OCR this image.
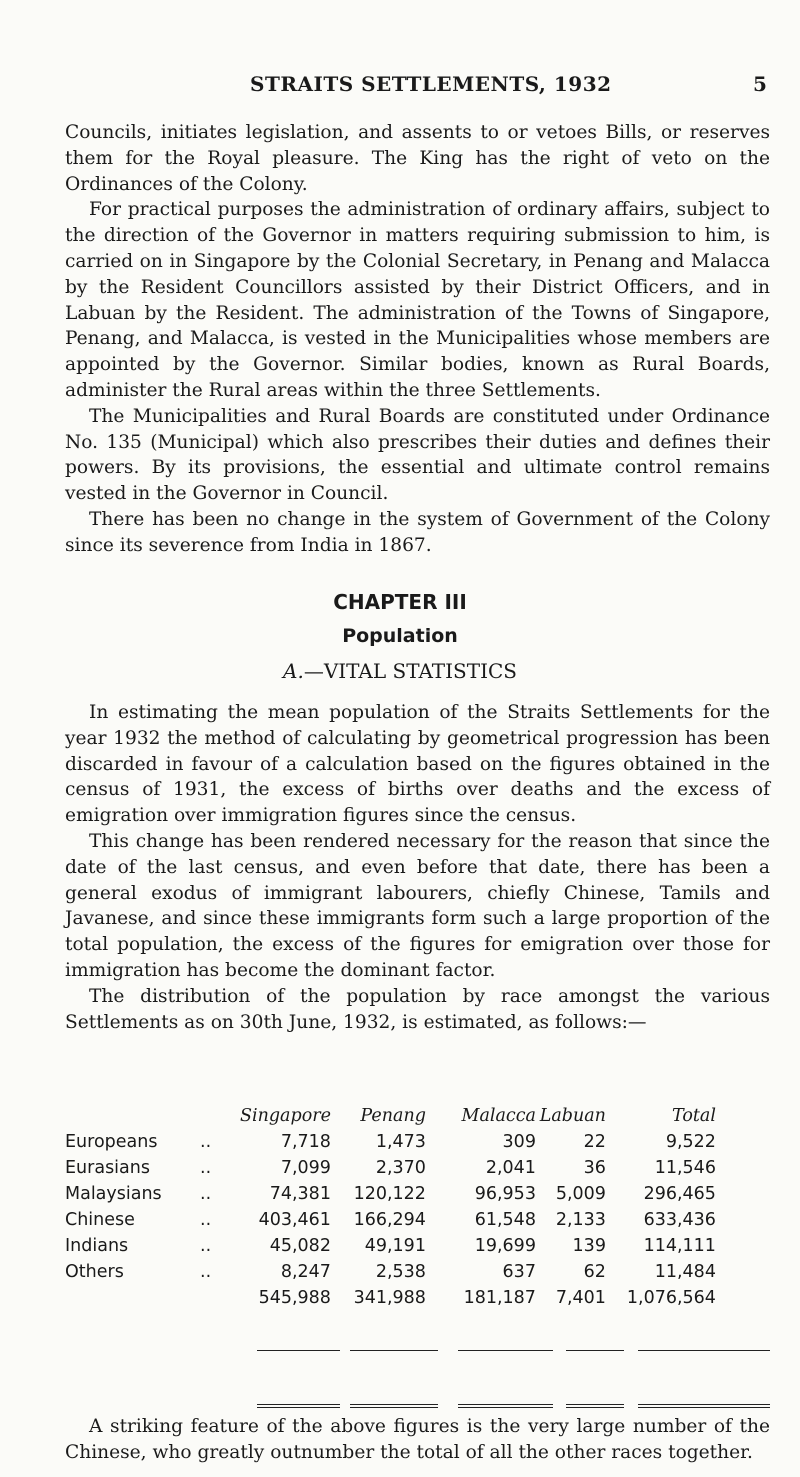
STRAITS SETTLEMENTS, 1932	5

Councils, initiates legislation, and assents to or vetoes Bills, or reserves them for the Royal pleasure. The King has the right of veto on the Ordinances of the Colony.

For practical purposes the administration of ordinary affairs, subject to the direction of the Governor in matters requiring submission to him, is carried on in Singapore by the Colonial Secretary, in Penang and Malacca by the Resident Councillors assisted by their District Officers, and in Labuan by the Resident. The administration of the Towns of Singapore, Penang, and Malacca, is vested in the Municipalities whose members are appointed by the Governor. Similar bodies, known as Rural Boards, administer the Rural areas within the three Settlements.

The Municipalities and Rural Boards are constituted under Ordinance No. 135 (Municipal) which also prescribes their duties and defines their powers. By its provisions, the essential and ultimate control remains vested in the Governor in Council.

There has been no change in the system of Government of the Colony since its severence from India in 1867.

CHAPTER III
Population
A.—VITAL STATISTICS

In estimating the mean population of the Straits Settlements for the year 1932 the method of calculating by geometrical progression has been discarded in favour of a calculation based on the figures obtained in the census of 1931, the excess of births over deaths and the excess of emigration over immigration figures since the census.

This change has been rendered necessary for the reason that since the date of the last census, and even before that date, there has been a general exodus of immigrant labourers, chiefly Chinese, Tamils and Javanese, and since these immigrants form such a large proportion of the total population, the excess of the figures for emigration over those for immigration has become the dominant factor.

The distribution of the population by race amongst the various Settlements as on 30th June, 1932, is estimated, as follows:—

		Singapore	Penang	Malacca	Labuan	Total
Europeans	..	7,718	1,473	309	22	9,522
Eurasians	..	7,099	2,370	2,041	36	11,546
Malaysians	..	74,381	120,122	96,953	5,009	296,465
Chinese	..	403,461	166,294	61,548	2,133	633,436
Indians	..	45,082	49,191	19,699	139	114,111
Others	..	8,247	2,538	637	62	11,484
		545,988	341,988	181,187	7,401	1,076,564

A striking feature of the above figures is the very large number of the Chinese, who greatly outnumber the total of all the other races together.
